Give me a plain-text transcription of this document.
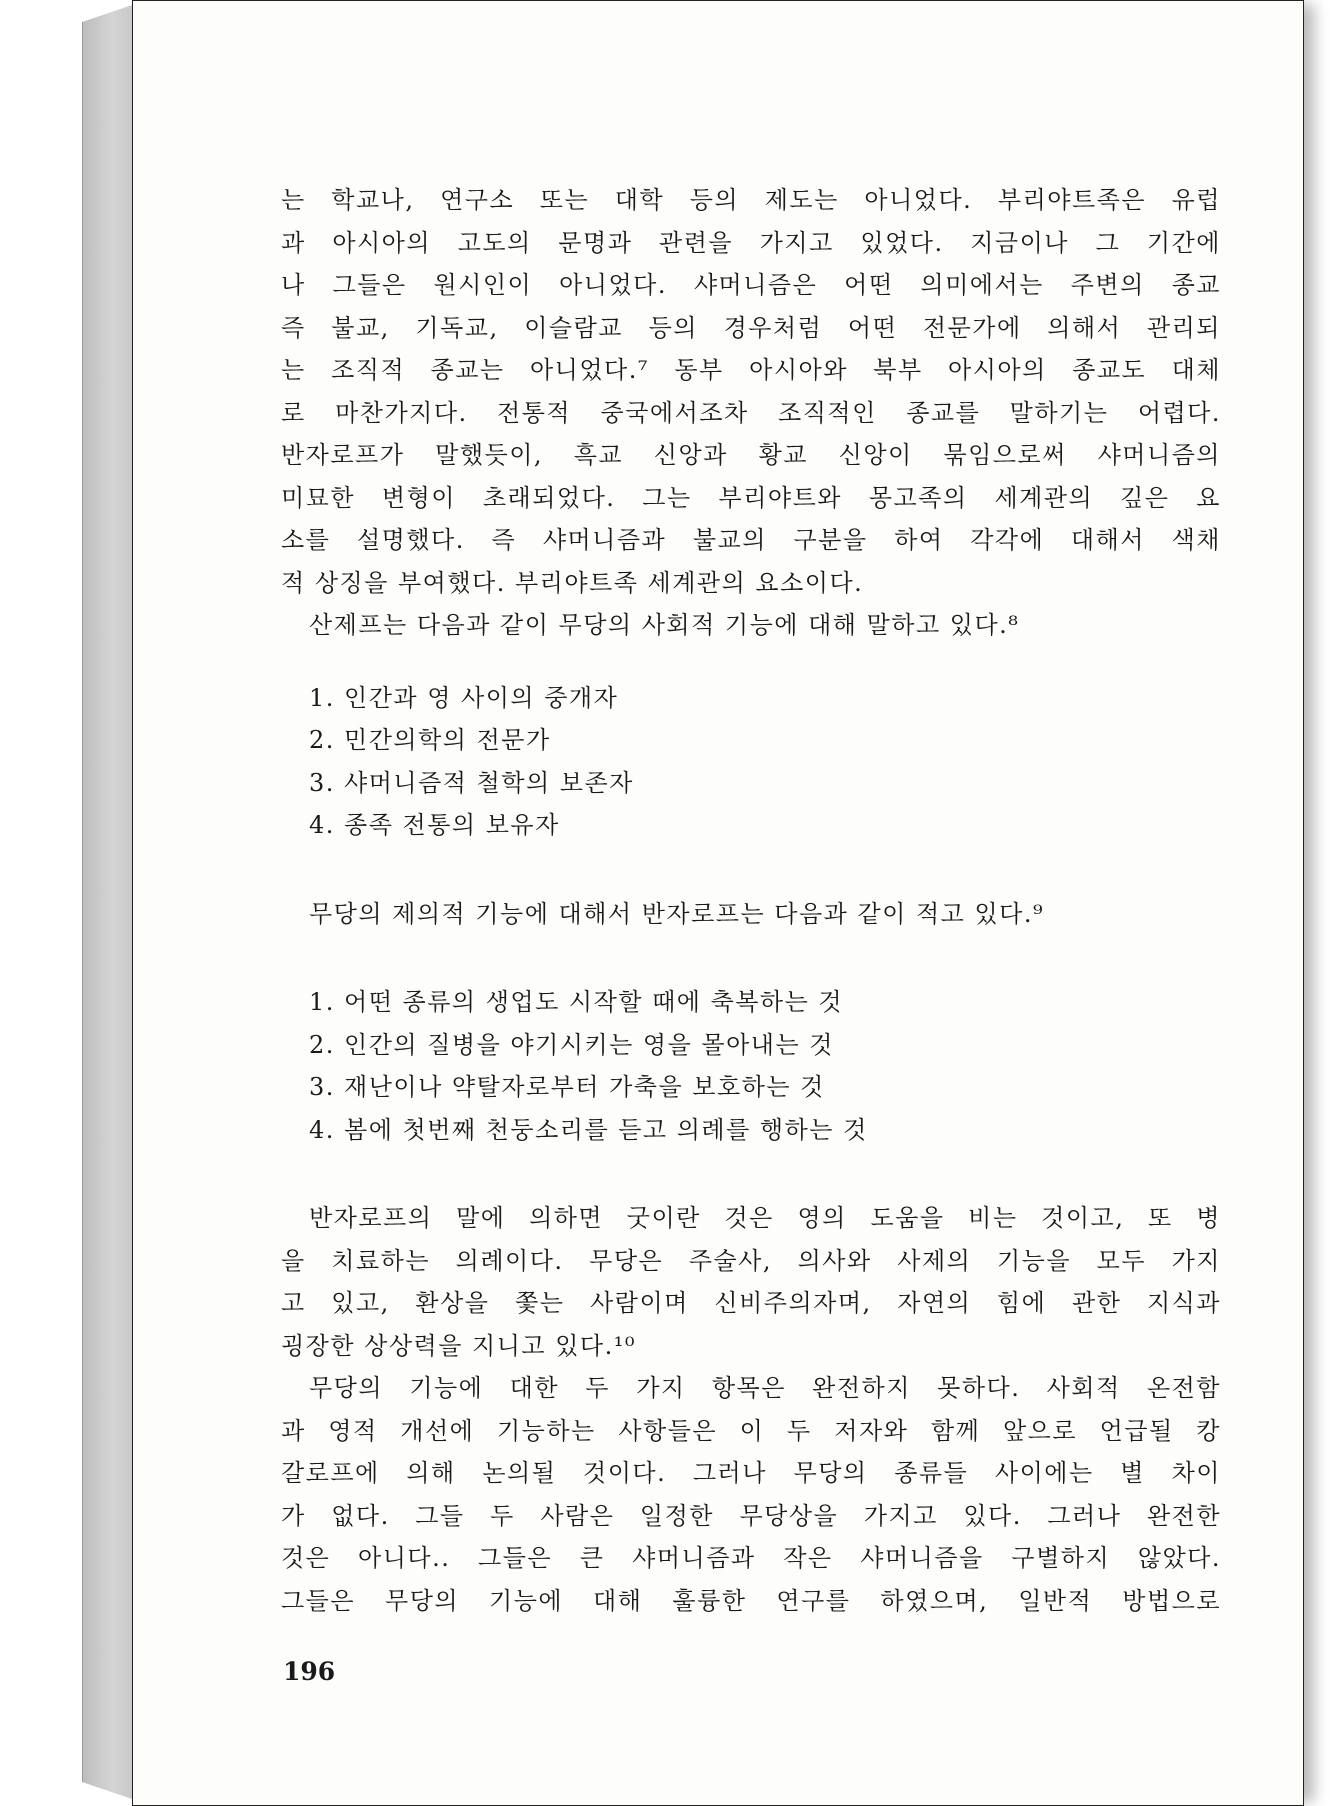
는 학교나, 연구소 또는 대학 등의 제도는 아니었다. 부리야트족은 유럽
과 아시아의 고도의 문명과 관련을 가지고 있었다. 지금이나 그 기간에
나 그들은 원시인이 아니었다. 샤머니즘은 어떤 의미에서는 주변의 종교
즉 불교, 기독교, 이슬람교 등의 경우처럼 어떤 전문가에 의해서 관리되
는 조직적 종교는 아니었다.⁷ 동부 아시아와 북부 아시아의 종교도 대체
로 마찬가지다. 전통적 중국에서조차 조직적인 종교를 말하기는 어렵다.
반자로프가 말했듯이, 흑교 신앙과 황교 신앙이 묶임으로써 샤머니즘의
미묘한 변형이 초래되었다. 그는 부리야트와 몽고족의 세계관의 깊은 요
소를 설명했다. 즉 샤머니즘과 불교의 구분을 하여 각각에 대해서 색채
적 상징을 부여했다. 부리야트족 세계관의 요소이다.
산제프는 다음과 같이 무당의 사회적 기능에 대해 말하고 있다.⁸
1. 인간과 영 사이의 중개자
2. 민간의학의 전문가
3. 샤머니즘적 철학의 보존자
4. 종족 전통의 보유자
무당의 제의적 기능에 대해서 반자로프는 다음과 같이 적고 있다.⁹
1. 어떤 종류의 생업도 시작할 때에 축복하는 것
2. 인간의 질병을 야기시키는 영을 몰아내는 것
3. 재난이나 약탈자로부터 가축을 보호하는 것
4. 봄에 첫번째 천둥소리를 듣고 의례를 행하는 것
반자로프의 말에 의하면 굿이란 것은 영의 도움을 비는 것이고, 또 병
을 치료하는 의례이다. 무당은 주술사, 의사와 사제의 기능을 모두 가지
고 있고, 환상을 쫓는 사람이며 신비주의자며, 자연의 힘에 관한 지식과
굉장한 상상력을 지니고 있다.¹⁰
무당의 기능에 대한 두 가지 항목은 완전하지 못하다. 사회적 온전함
과 영적 개선에 기능하는 사항들은 이 두 저자와 함께 앞으로 언급될 캉
갈로프에 의해 논의될 것이다. 그러나 무당의 종류들 사이에는 별 차이
가 없다. 그들 두 사람은 일정한 무당상을 가지고 있다. 그러나 완전한
것은 아니다.. 그들은 큰 샤머니즘과 작은 샤머니즘을 구별하지 않았다.
그들은 무당의 기능에 대해 훌륭한 연구를 하였으며, 일반적 방법으로
196
